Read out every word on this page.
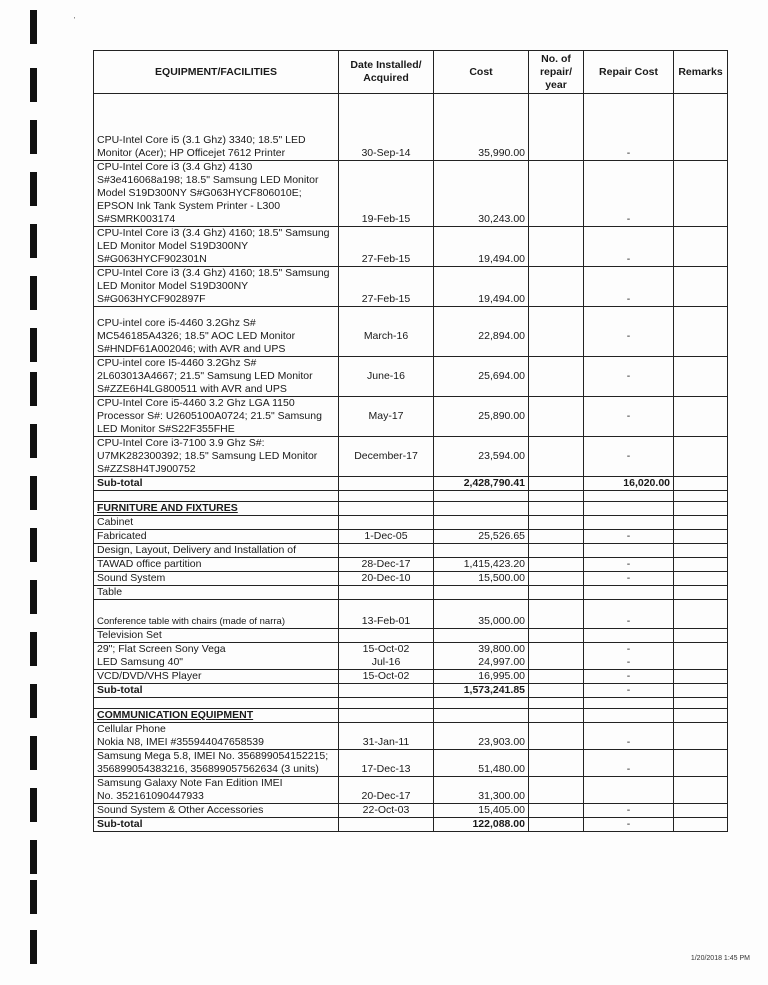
'
EQUIPMENT/FACILITIES	Date Installed/ Acquired	Cost	No. of repair/ year	Repair Cost	Remarks

CPU-Intel Core i5 (3.1 Ghz) 3340; 18.5" LED Monitor (Acer); HP Officejet 7612 Printer	30-Sep-14	35,990.00		-	
CPU-Intel Core i3 (3.4 Ghz) 4130 S#3e416068a198; 18.5" Samsung LED Monitor Model S19D300NY S#G063HYCF806010E; EPSON Ink Tank System Printer - L300 S#SMRK003174	19-Feb-15	30,243.00		-	
CPU-Intel Core i3 (3.4 Ghz) 4160; 18.5" Samsung LED Monitor Model S19D300NY S#G063HYCF902301N	27-Feb-15	19,494.00		-	
CPU-Intel Core i3 (3.4 Ghz) 4160; 18.5" Samsung LED Monitor Model S19D300NY S#G063HYCF902897F	27-Feb-15	19,494.00		-	

CPU-intel core i5-4460 3.2Ghz S# MC546185A4326; 18.5" AOC LED Monitor S#HNDF61A002046; with AVR and UPS	March-16	22,894.00		-	
CPU-intel core I5-4460 3.2Ghz S# 2L603013A4667; 21.5" Samsung LED Monitor S#ZZE6H4LG800511 with AVR and UPS	June-16	25,694.00		-	
CPU-Intel Core i5-4460 3.2 Ghz LGA 1150 Processor S#: U2605100A0724; 21.5" Samsung LED Monitor S#S22F355FHE	May-17	25,890.00		-	
CPU-Intel Core i3-7100 3.9 Ghz S#: U7MK282300392; 18.5" Samsung LED Monitor S#ZZS8H4TJ900752	December-17	23,594.00		-	
Sub-total		2,428,790.41		16,020.00	

FURNITURE AND FIXTURES					
Cabinet					
Fabricated	1-Dec-05	25,526.65		-	
Design, Layout, Delivery and Installation of					
TAWAD office partition	28-Dec-17	1,415,423.20		-	
Sound System	20-Dec-10	15,500.00		-	
Table					
Conference table with chairs (made of narra)	13-Feb-01	35,000.00		-	
Television Set					
29"; Flat Screen Sony Vega	15-Oct-02	39,800.00		-	
LED Samsung 40"	Jul-16	24,997.00		-	
VCD/DVD/VHS Player	15-Oct-02	16,995.00		-	
Sub-total		1,573,241.85		-	

COMMUNICATION EQUIPMENT					
Cellular Phone					
Nokia N8, IMEI #355944047658539	31-Jan-11	23,903.00		-	
Samsung Mega 5.8, IMEI No. 356899054152215; 356899054383216, 356899057562634 (3 units)	17-Dec-13	51,480.00		-	
Samsung Galaxy Note Fan Edition IMEI					
No. 352161090447933	20-Dec-17	31,300.00			
Sound System & Other Accessories	22-Oct-03	15,405.00		-	
Sub-total		122,088.00		-	
1/20/2018 1:45 PM
